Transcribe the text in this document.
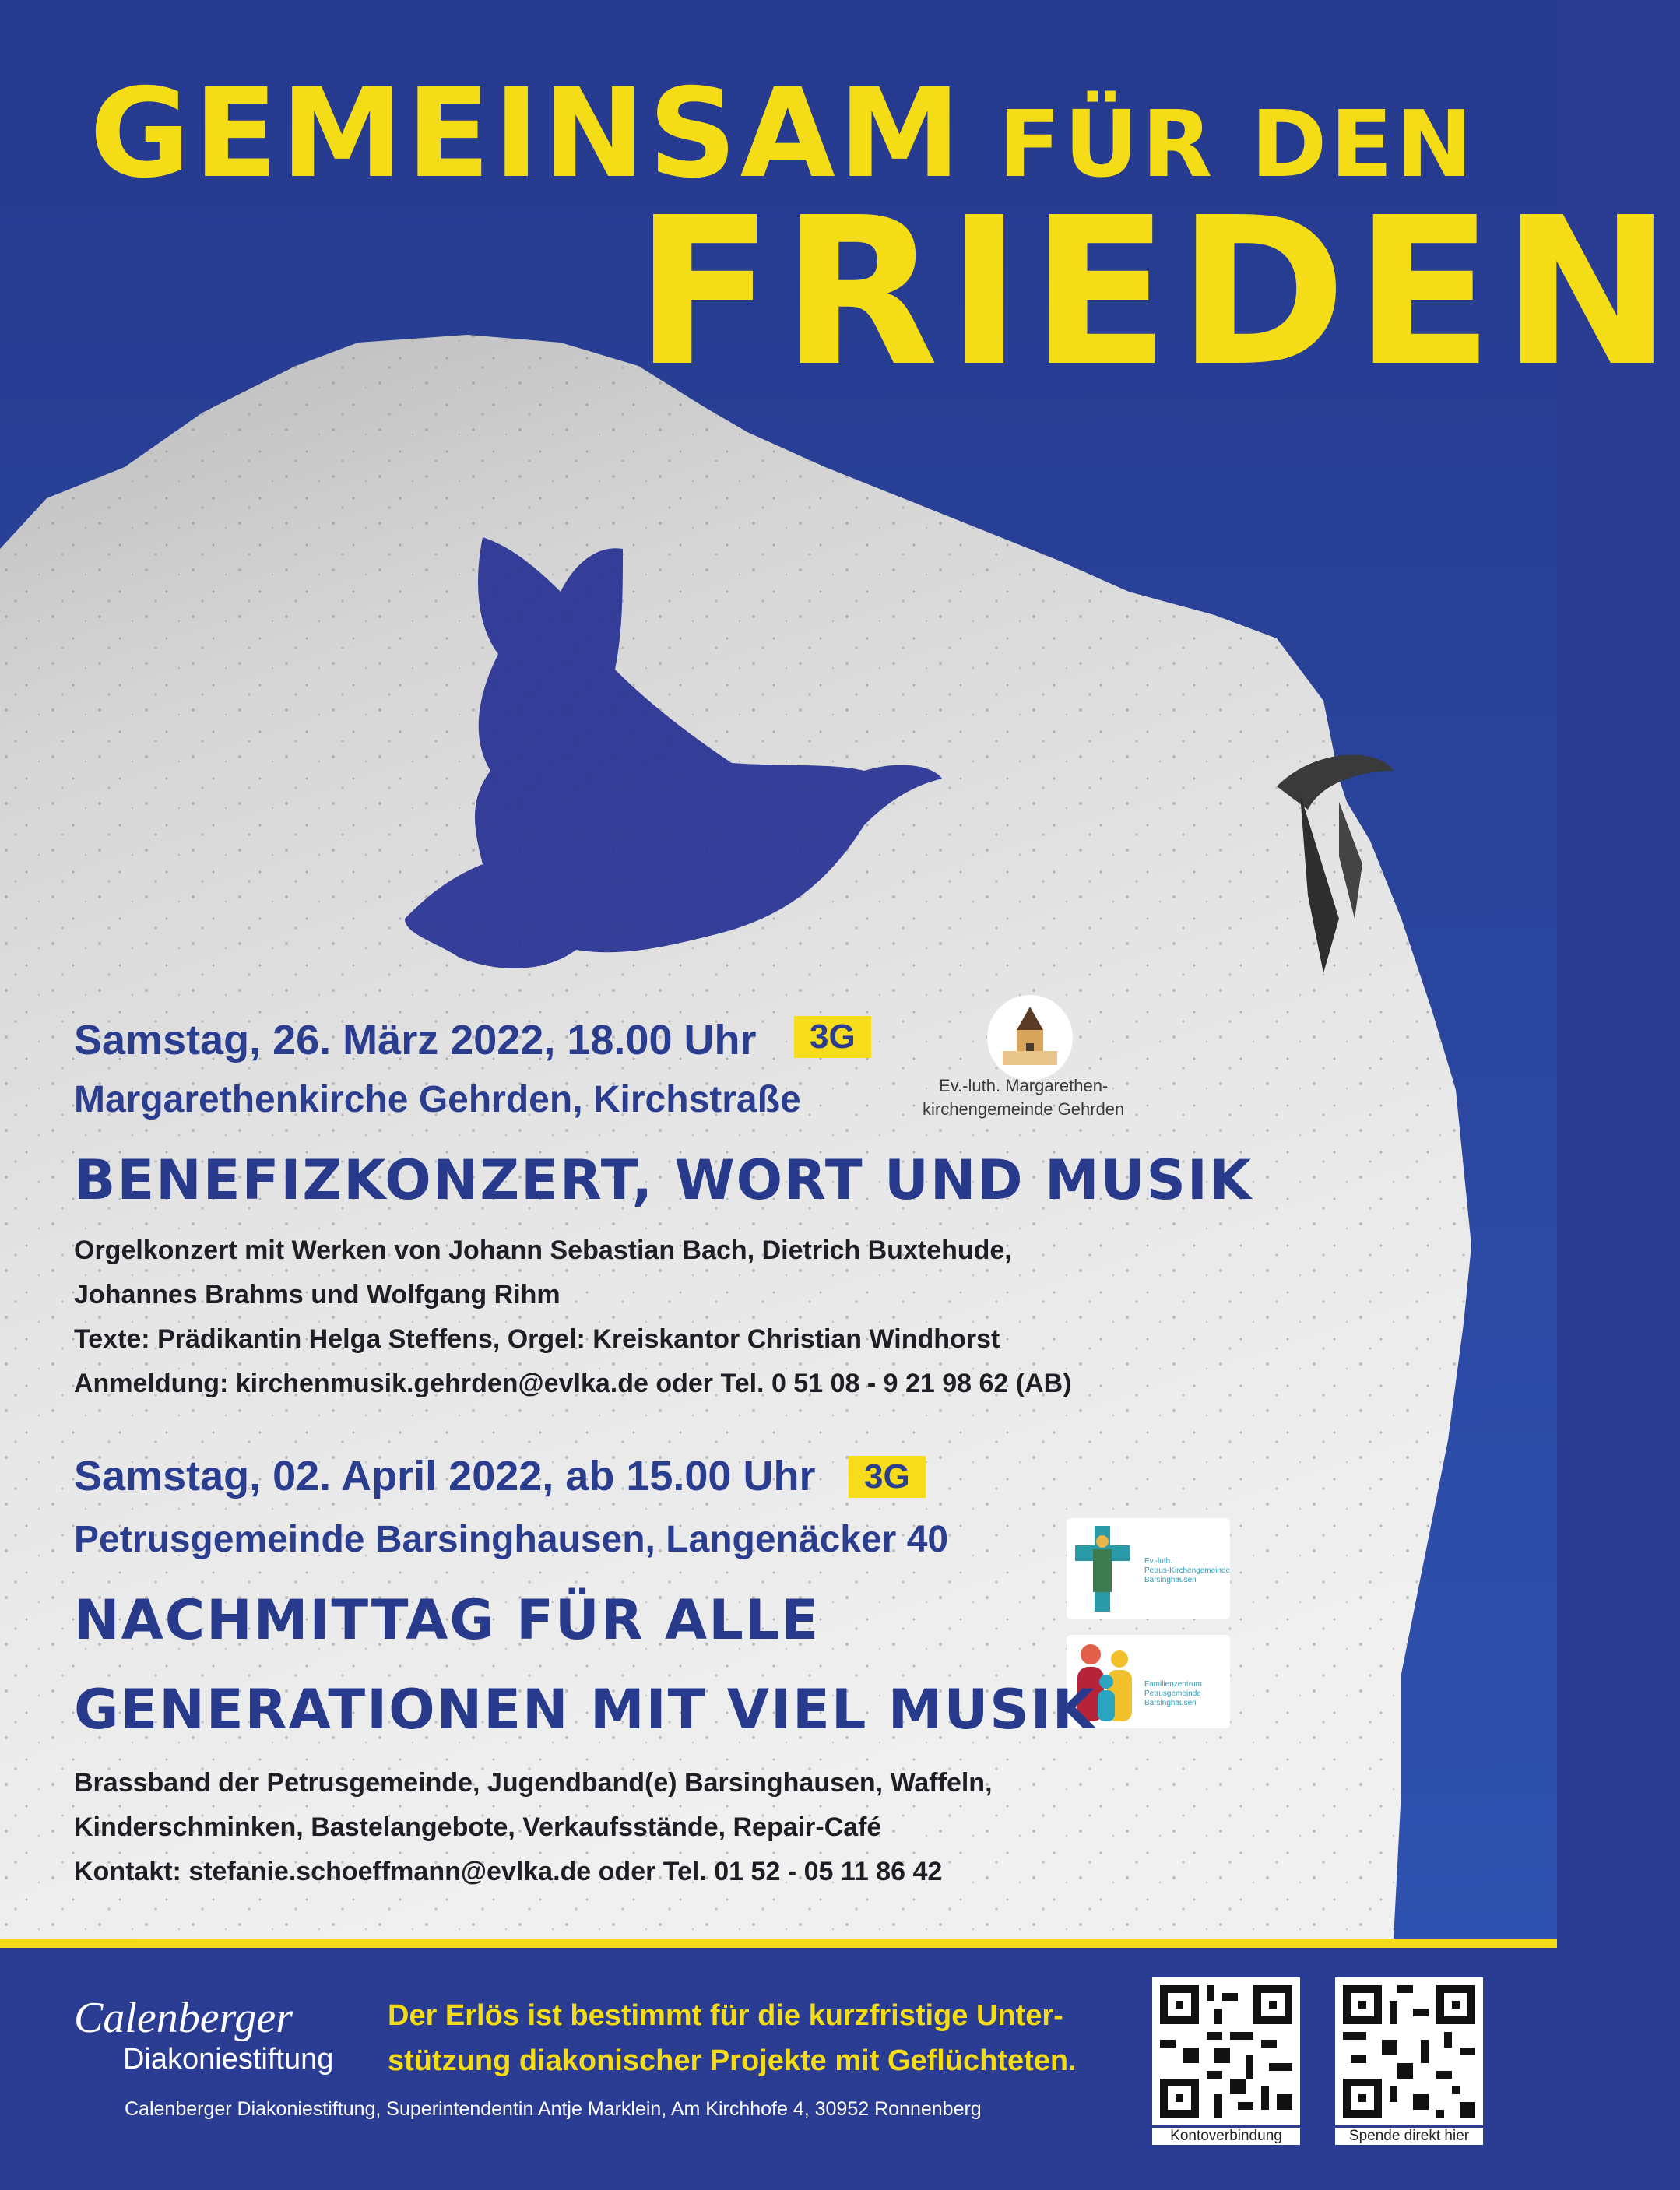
GEMEINSAM FÜR DEN
FRIEDEN
Samstag, 26. März 2022, 18.00 Uhr	3G
Margarethenkirche Gehrden, Kirchstraße	Ev.-luth. Margarethen-
kirchengemeinde Gehrden
BENEFIZKONZERT, WORT UND MUSIK
Orgelkonzert mit Werken von Johann Sebastian Bach, Dietrich Buxtehude,
Johannes Brahms und Wolfgang Rihm
Texte: Prädikantin Helga Steffens, Orgel: Kreiskantor Christian Windhorst
Anmeldung: kirchenmusik.gehrden@evlka.de oder Tel. 0 51 08 - 9 21 98 62 (AB)
Samstag, 02. April 2022, ab 15.00 Uhr	3G
Petrusgemeinde Barsinghausen, Langenäcker 40
Ev.-luth.
Petrus-Kirchengemeinde
Barsinghausen
Familienzentrum
Petrusgemeinde
Barsinghausen
NACHMITTAG FÜR ALLE
GENERATIONEN MIT VIEL MUSIK
Brassband der Petrusgemeinde, Jugendband(e) Barsinghausen, Waffeln,
Kinderschminken, Bastelangebote, Verkaufsstände, Repair-Café
Kontakt: stefanie.schoeffmann@evlka.de oder Tel. 01 52 - 05 11 86 42
Calenberger
Diakoniestiftung
Der Erlös ist bestimmt für die kurzfristige Unter-
stützung diakonischer Projekte mit Geflüchteten.
Calenberger Diakoniestiftung, Superintendentin Antje Marklein, Am Kirchhofe 4, 30952 Ronnenberg
Kontoverbindung	Spende direkt hier
